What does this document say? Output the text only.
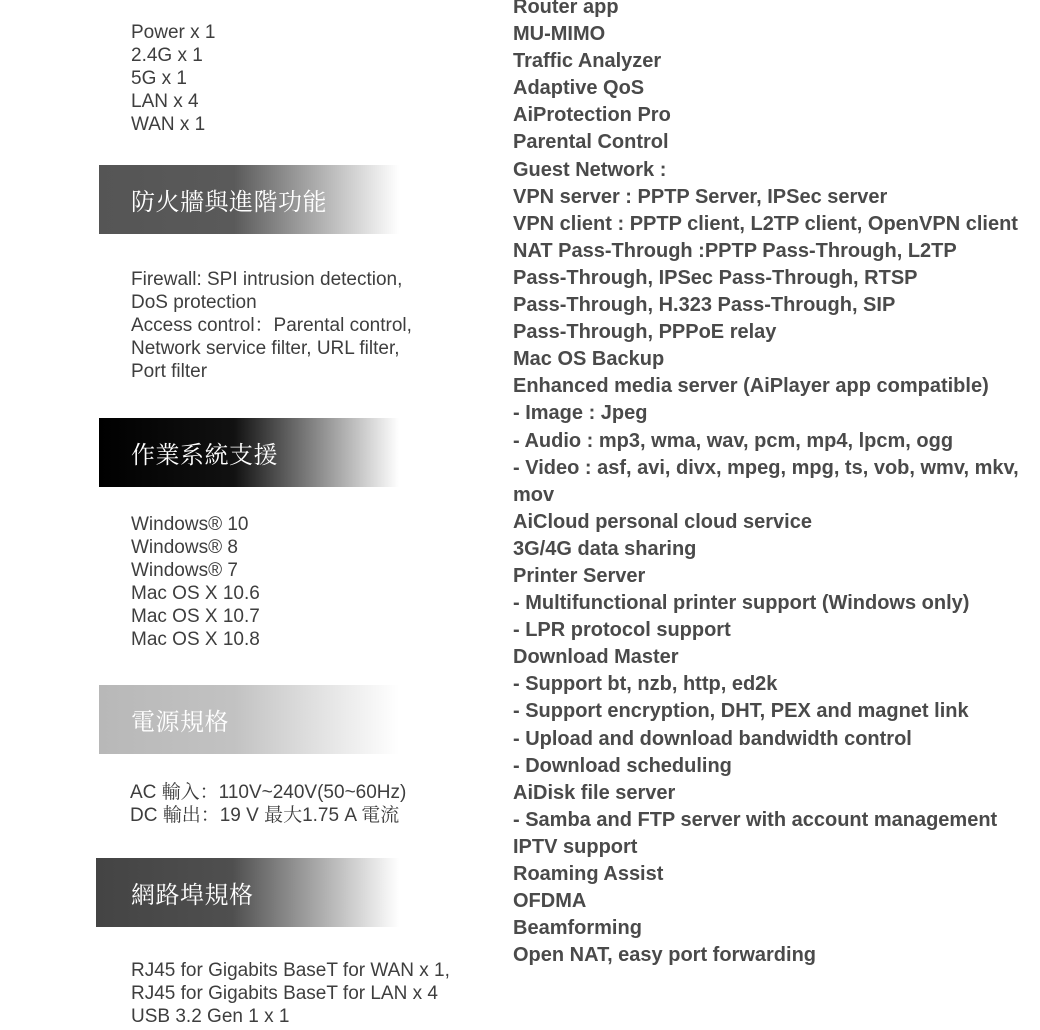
Power x 1
2.4G x 1
5G x 1
LAN x 4
WAN x 1
防火牆與進階功能
Firewall: SPI intrusion detection,
DoS protection
Access control：Parental control,
Network service filter, URL filter,
Port filter
作業系統支援
Windows® 10
Windows® 8
Windows® 7
Mac OS X 10.6
Mac OS X 10.7
Mac OS X 10.8
電源規格
AC 輸入：110V~240V(50~60Hz)
DC 輸出：19 V 最大1.75 A 電流
網路埠規格
RJ45 for Gigabits BaseT for WAN x 1,
RJ45 for Gigabits BaseT for LAN x 4
USB 3.2 Gen 1 x 1
Router app
MU-MIMO
Traffic Analyzer
Adaptive QoS
AiProtection Pro
Parental Control
Guest Network :
VPN server : PPTP Server, IPSec server
VPN client : PPTP client, L2TP client, OpenVPN client
NAT Pass-Through :PPTP Pass-Through, L2TP
Pass-Through, IPSec Pass-Through, RTSP
Pass-Through, H.323 Pass-Through, SIP
Pass-Through, PPPoE relay
Mac OS Backup
Enhanced media server (AiPlayer app compatible)
- Image : Jpeg
- Audio : mp3, wma, wav, pcm, mp4, lpcm, ogg
- Video : asf, avi, divx, mpeg, mpg, ts, vob, wmv, mkv,
mov
AiCloud personal cloud service
3G/4G data sharing
Printer Server
- Multifunctional printer support (Windows only)
- LPR protocol support
Download Master
- Support bt, nzb, http, ed2k
- Support encryption, DHT, PEX and magnet link
- Upload and download bandwidth control
- Download scheduling
AiDisk file server
- Samba and FTP server with account management
IPTV support
Roaming Assist
OFDMA
Beamforming
Open NAT, easy port forwarding
